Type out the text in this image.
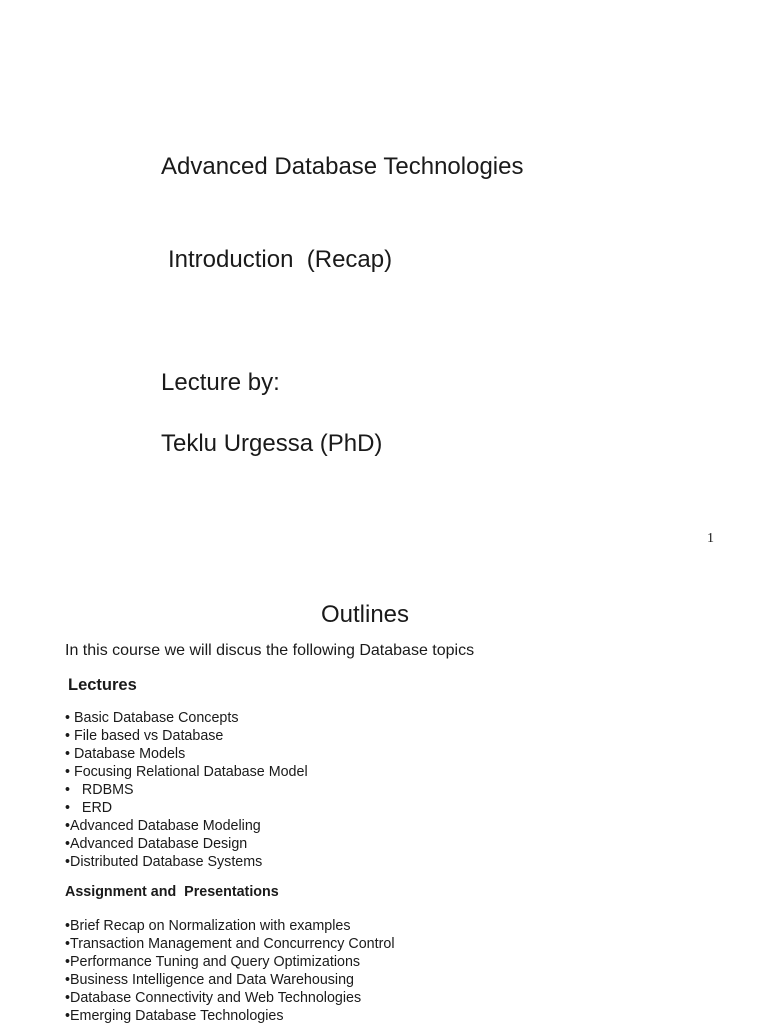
Advanced Database Technologies
Introduction  (Recap)
Lecture by:
Teklu Urgessa (PhD)
1
Outlines
In this course we will discus the following Database topics
Lectures
• Basic Database Concepts
• File based vs Database
• Database Models
• Focusing Relational Database Model
•   RDBMS
•   ERD
•Advanced Database Modeling
•Advanced Database Design
•Distributed Database Systems
Assignment and  Presentations
•Brief Recap on Normalization with examples
•Transaction Management and Concurrency Control
•Performance Tuning and Query Optimizations
•Business Intelligence and Data Warehousing
•Database Connectivity and Web Technologies
•Emerging Database Technologies
